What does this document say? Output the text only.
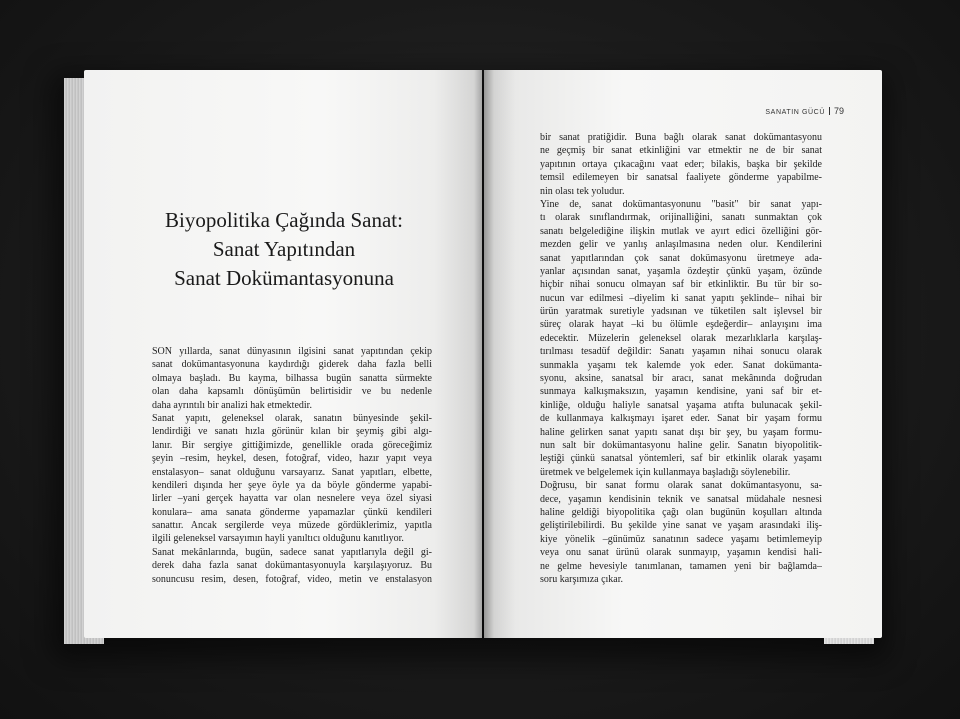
Biyopolitika Çağında Sanat:
Sanat Yapıtından
Sanat Dokümantasyonuna
SON yıllarda, sanat dünyasının ilgisini sanat yapıtından çekip
sanat dokümantasyonuna kaydırdığı giderek daha fazla belli
olmaya başladı. Bu kayma, bilhassa bugün sanatta sürmekte
olan daha kapsamlı dönüşümün belirtisidir ve bu nedenle
daha ayrıntılı bir analizi hak etmektedir.
Sanat yapıtı, geleneksel olarak, sanatın bünyesinde şekil-
lendirdiği ve sanatı hızla görünür kılan bir şeymiş gibi algı-
lanır. Bir sergiye gittiğimizde, genellikle orada göreceğimiz
şeyin –resim, heykel, desen, fotoğraf, video, hazır yapıt veya
enstalasyon– sanat olduğunu varsayarız. Sanat yapıtları, elbette,
kendileri dışında her şeye öyle ya da böyle gönderme yapabi-
lirler –yani gerçek hayatta var olan nesnelere veya özel siyasi
konulara– ama sanata gönderme yapamazlar çünkü kendileri
sanattır. Ancak sergilerde veya müzede gördüklerimiz, yapıtla
ilgili geleneksel varsayımın hayli yanıltıcı olduğunu kanıtlıyor.
Sanat mekânlarında, bugün, sadece sanat yapıtlarıyla değil gi-
derek daha fazla sanat dokümantasyonuyla karşılaşıyoruz. Bu
sonuncusu resim, desen, fotoğraf, video, metin ve enstalasyon
SANATIN GÜCÜ 79
bir sanat pratiğidir. Buna bağlı olarak sanat dokümantasyonu
ne geçmiş bir sanat etkinliğini var etmektir ne de bir sanat
yapıtının ortaya çıkacağını vaat eder; bilakis, başka bir şekilde
temsil edilemeyen bir sanatsal faaliyete gönderme yapabilme-
nin olası tek yoludur.
Yine de, sanat dokümantasyonunu "basit" bir sanat yapı-
tı olarak sınıflandırmak, orijinalliğini, sanatı sunmaktan çok
sanatı belgelediğine ilişkin mutlak ve ayırt edici özelliğini gör-
mezden gelir ve yanlış anlaşılmasına neden olur. Kendilerini
sanat yapıtlarından çok sanat dokümasyonu üretmeye ada-
yanlar açısından sanat, yaşamla özdeştir çünkü yaşam, özünde
hiçbir nihai sonucu olmayan saf bir etkinliktir. Bu tür bir so-
nucun var edilmesi –diyelim ki sanat yapıtı şeklinde– nihai bir
ürün yaratmak suretiyle yadsınan ve tüketilen salt işlevsel bir
süreç olarak hayat –ki bu ölümle eşdeğerdir– anlayışını ima
edecektir. Müzelerin geleneksel olarak mezarlıklarla karşılaş-
tırılması tesadüf değildir: Sanatı yaşamın nihai sonucu olarak
sunmakla yaşamı tek kalemde yok eder. Sanat dokümanta-
syonu, aksine, sanatsal bir aracı, sanat mekânında doğrudan
sunmaya kalkışmaksızın, yaşamın kendisine, yani saf bir et-
kinliğe, olduğu haliyle sanatsal yaşama atıfta bulunacak şekil-
de kullanmaya kalkışmayı işaret eder. Sanat bir yaşam formu
haline gelirken sanat yapıtı sanat dışı bir şey, bu yaşam formu-
nun salt bir dokümantasyonu haline gelir. Sanatın biyopolitik-
leştiği çünkü sanatsal yöntemleri, saf bir etkinlik olarak yaşamı
üretmek ve belgelemek için kullanmaya başladığı söylenebilir.
Doğrusu, bir sanat formu olarak sanat dokümantasyonu, sa-
dece, yaşamın kendisinin teknik ve sanatsal müdahale nesnesi
haline geldiği biyopolitika çağı olan bugünün koşulları altında
geliştirilebilirdi. Bu şekilde yine sanat ve yaşam arasındaki iliş-
kiye yönelik –günümüz sanatının sadece yaşamı betimlemeyip
veya onu sanat ürünü olarak sunmayıp, yaşamın kendisi hali-
ne gelme hevesiyle tanımlanan, tamamen yeni bir bağlamda–
soru karşımıza çıkar.
